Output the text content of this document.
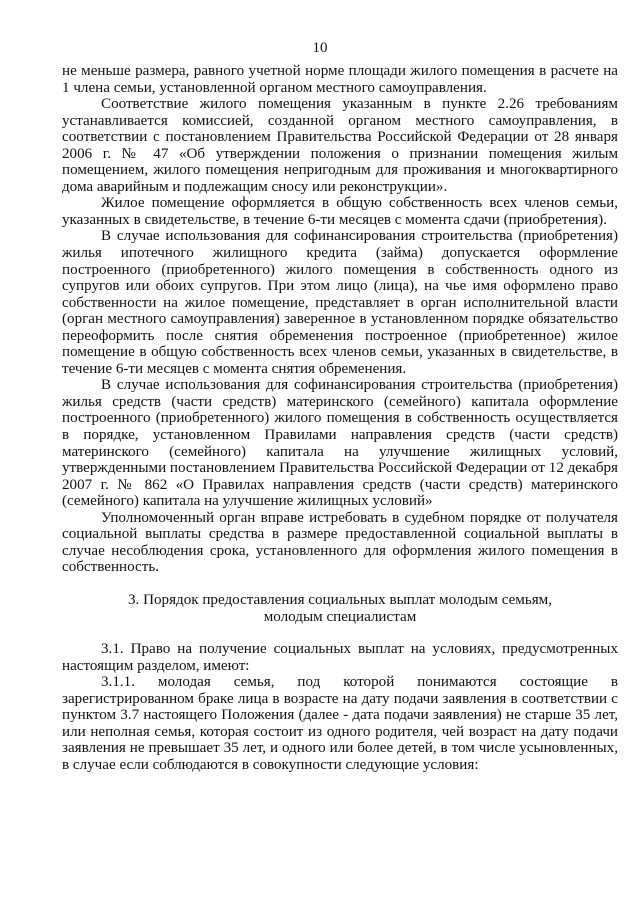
10

не меньше размера, равного учетной норме площади жилого помещения в расчете на 1 члена семьи, установленной органом местного самоуправления.

Соответствие жилого помещения указанным в пункте 2.26 требованиям устанавливается комиссией, созданной органом местного самоуправления, в соответствии с постановлением Правительства Российской Федерации от 28 января 2006 г. № 47 «Об утверждении положения о признании помещения жилым помещением, жилого помещения непригодным для проживания и многоквартирного дома аварийным и подлежащим сносу или реконструкции».

Жилое помещение оформляется в общую собственность всех членов семьи, указанных в свидетельстве, в течение 6-ти месяцев с момента сдачи (приобретения).

В случае использования для софинансирования строительства (приобретения) жилья ипотечного жилищного кредита (займа) допускается оформление построенного (приобретенного) жилого помещения в собственность одного из супругов или обоих супругов. При этом лицо (лица), на чье имя оформлено право собственности на жилое помещение, представляет в орган исполнительной власти (орган местного самоуправления) заверенное в установленном порядке обязательство переоформить после снятия обременения построенное (приобретенное) жилое помещение в общую собственность всех членов семьи, указанных в свидетельстве, в течение 6-ти месяцев с момента снятия обременения.

В случае использования для софинансирования строительства (приобретения) жилья средств (части средств) материнского (семейного) капитала оформление построенного (приобретенного) жилого помещения в собственность осуществляется в порядке, установленном Правилами направления средств (части средств) материнского (семейного) капитала на улучшение жилищных условий, утвержденными постановлением Правительства Российской Федерации от 12 декабря 2007 г. № 862 «О Правилах направления средств (части средств) материнского (семейного) капитала на улучшение жилищных условий»

Уполномоченный орган вправе истребовать в судебном порядке от получателя социальной выплаты средства в размере предоставленной социальной выплаты в случае несоблюдения срока, установленного для оформления жилого помещения в собственность.

3. Порядок предоставления социальных выплат молодым семьям,
молодым специалистам

3.1. Право на получение социальных выплат на условиях, предусмотренных настоящим разделом, имеют:

3.1.1. молодая семья, под которой понимаются состоящие в зарегистрированном браке лица в возрасте на дату подачи заявления в соответствии с пунктом 3.7 настоящего Положения (далее - дата подачи заявления) не старше 35 лет, или неполная семья, которая состоит из одного родителя, чей возраст на дату подачи заявления не превышает 35 лет, и одного или более детей, в том числе усыновленных, в случае если соблюдаются в совокупности следующие условия:
